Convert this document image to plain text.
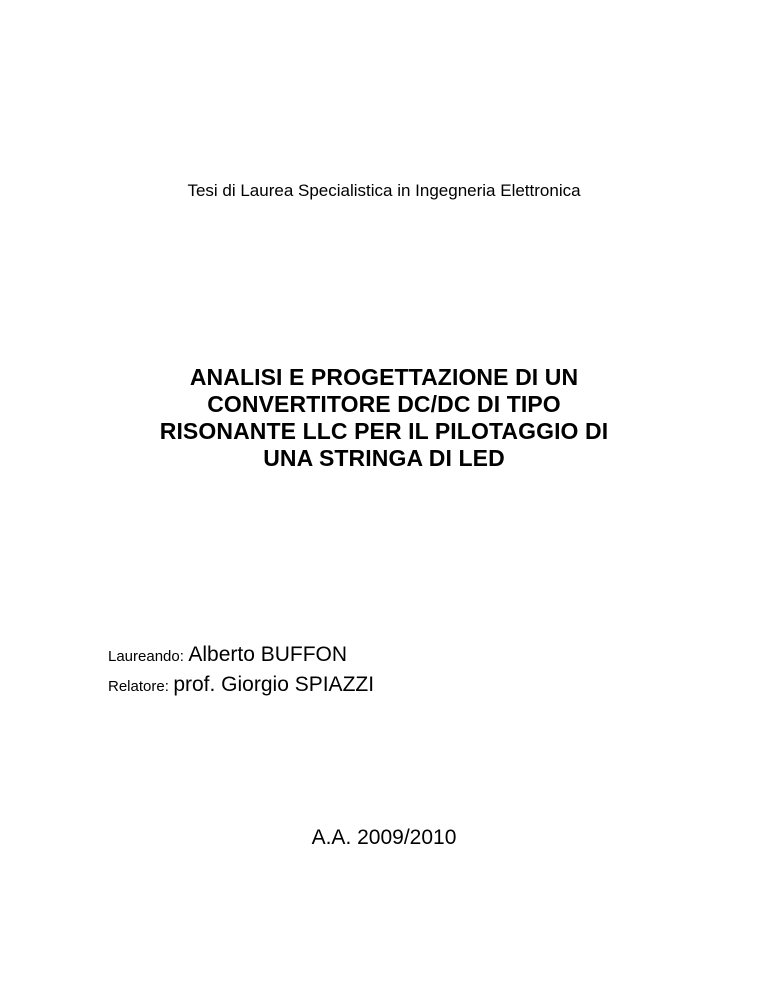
Tesi di Laurea Specialistica in Ingegneria Elettronica
ANALISI E PROGETTAZIONE DI UN
CONVERTITORE DC/DC DI TIPO
RISONANTE LLC PER IL PILOTAGGIO DI
UNA STRINGA DI LED
Laureando: Alberto BUFFON
Relatore: prof. Giorgio SPIAZZI
A.A. 2009/2010
